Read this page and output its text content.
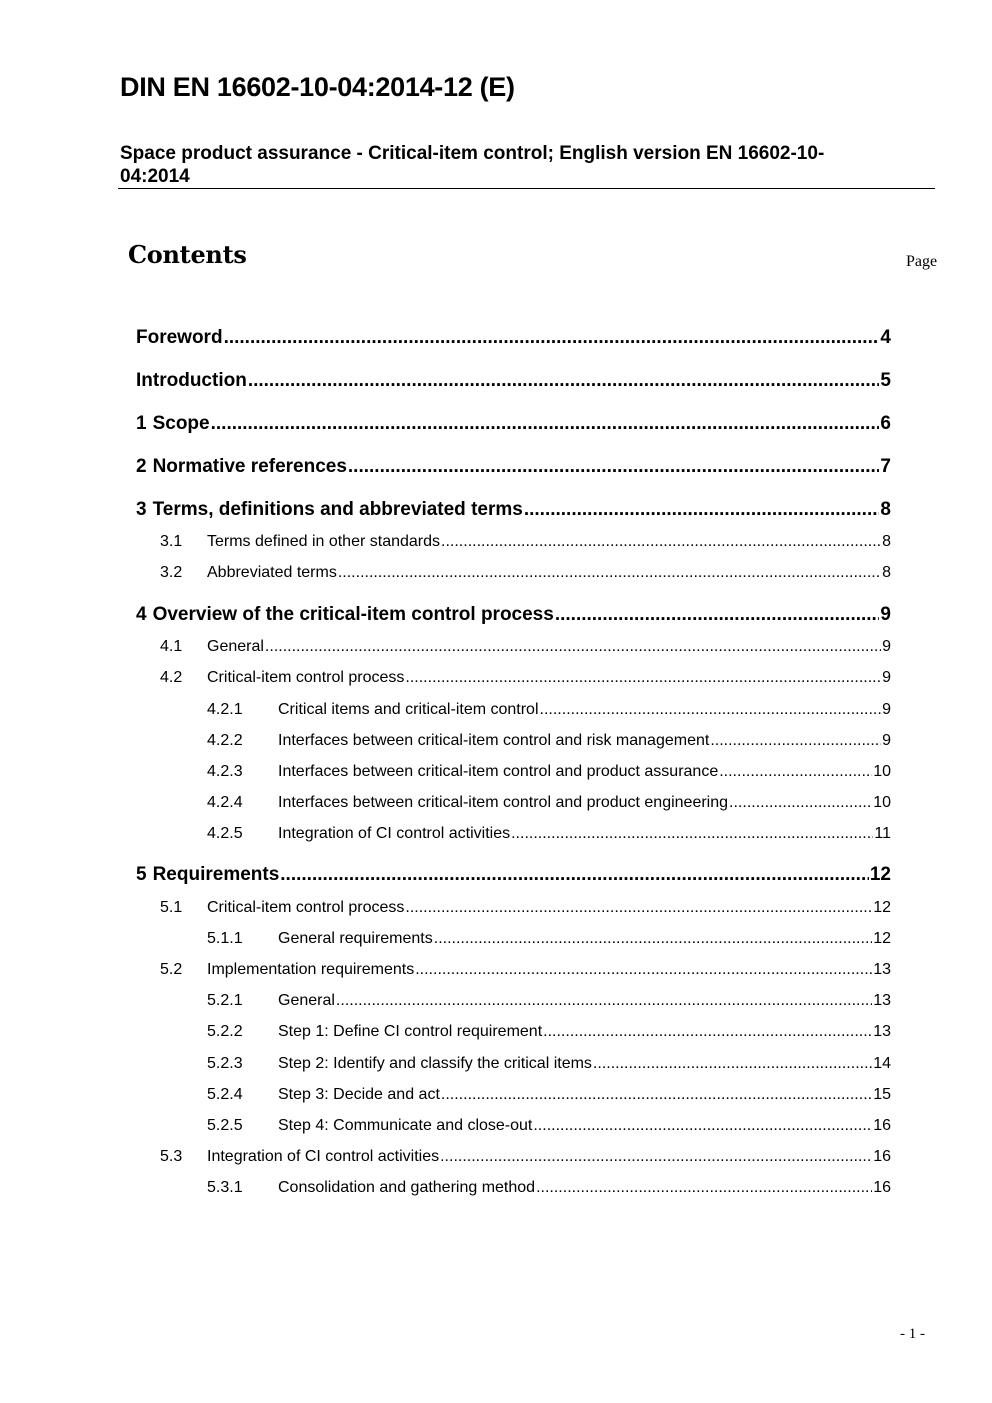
DIN EN 16602-10-04:2014-12 (E)
Space product assurance - Critical-item control; English version EN 16602-10-04:2014
Contents	Page
Foreword .....	4
Introduction .....	5
1 Scope .....	6
2 Normative references .....	7
3 Terms, definitions and abbreviated terms .....	8
3.1	Terms defined in other standards .....	8
3.2	Abbreviated terms .....	8
4 Overview of the critical-item control process .....	9
4.1	General .....	9
4.2	Critical-item control process .....	9
4.2.1	Critical items and critical-item control .....	9
4.2.2	Interfaces between critical-item control and risk management .....	9
4.2.3	Interfaces between critical-item control and product assurance .....	10
4.2.4	Interfaces between critical-item control and product engineering .....	10
4.2.5	Integration of CI control activities .....	11
5 Requirements .....	12
5.1	Critical-item control process .....	12
5.1.1	General requirements .....	12
5.2	Implementation requirements .....	13
5.2.1	General .....	13
5.2.2	Step 1: Define CI control requirement .....	13
5.2.3	Step 2: Identify and classify the critical items .....	14
5.2.4	Step 3: Decide and act .....	15
5.2.5	Step 4: Communicate and close-out .....	16
5.3	Integration of CI control activities .....	16
5.3.1	Consolidation and gathering method .....	16
- 1 -
